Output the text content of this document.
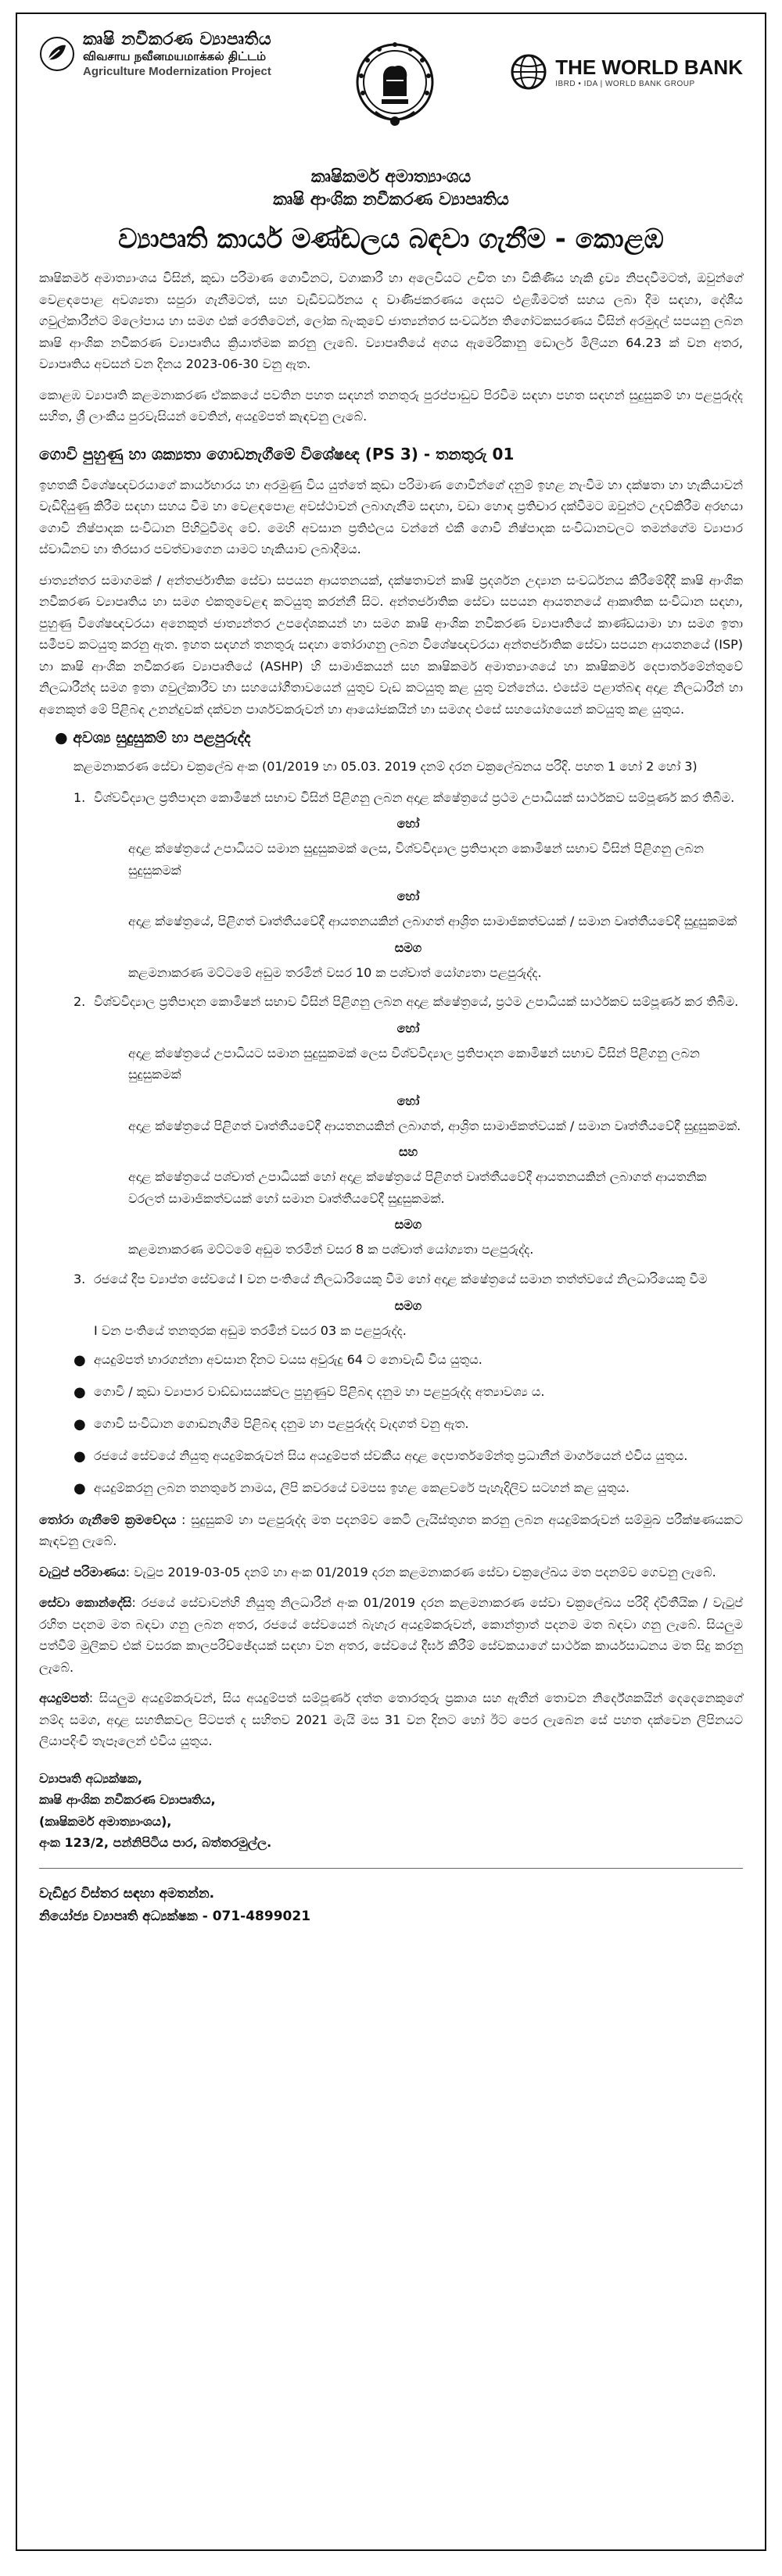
කෘෂි නවීකරණ ව්‍යාපෘතිය
விவசாய நவீனமயமாக்கல் திட்டம்
Agriculture Modernization Project	THE WORLD BANK
IBRD • IDA | WORLD BANK GROUP
කෘෂිකර්ම අමාත්‍යාංශය
කෘෂි ආංශික නවීකරණ ව්‍යාපෘතිය
ව්‍යාපෘති කාර්ය මණ්ඩලය බඳවා ගැනීම - කොළඹ

කෘෂිකර්ම අමාත්‍යාංශය විසින්, කුඩා පරිමාණ ගොවීනට, වගාකාරී හා අලෙවියට උචිත හා විකිණිය හැකි ද්‍රව්‍ය නිපදවීමටත්, ඔවුන්ගේ වෙළඳපොළ අවශ්‍යතා සපුරා ගැනීමටත්, සහ වැඩිවර්ධනය ද වාණිජකරණය දෙසට එළඹීමටත් සහය ලබා දීම සඳහා, දේශීය ගවුල්කාරීන්ට ම්ලෝපාය හා සමග එක් රෙතිටෙන්, ලෝක බැංකුවේ ජාත්‍යන්තර සංවර්ධන තිගෝටකසරණය විසින් අරමුදල් සපයනු ලබන කෘෂි ආංශික නවීකරණ ව්‍යාපෘතිය ක්‍රියාත්මක කරනු ලැබේ. ව්‍යාපෘතියේ අගය ඇමෙරිකානු ඩොලර් මිලියන 64.23 ක් වන අතර, ව්‍යාපෘතිය අවසන් වන දිනය 2023-06-30 වනු ඇත.

කොළඹ ව්‍යාපෘති කළමනාකරණ ඒකකයේ පවතින පහත සඳහන් තනතුරු පුරප්පාඩුව පිරවීම සඳහා පහත සඳහන් සුදුසුකම් හා පළපුරුද්ද සහිත, ශ්‍රී ලාංකීය පුරවැසියන් වෙතින්, අයදුම්පත් කැඳවනු ලැබේ.

ගොවි පුහුණු හා ශක්‍යතා ගොඩනැගීමේ විශේෂඥ (PS 3) - තනතුරු 01

ඉහතකී විශේෂඥවරයාගේ කාර්යභාරය හා අරමුණු විය යුත්තේ කුඩා පරිමාණ ගොවීන්ගේ දනුම් ඉහළ නැංවීම හා දක්ෂතා හා හැකියාවන් වැඩිදියුණු කිරීම සඳහා සහය වීම හා වෙළඳපොළ අවස්ථාවන් ලබාගැනීම සඳහා, වඩා හොඳ ප්‍රතිචාර දක්වීමට ඔවුන්ට උදව්කිරීම අරභයා ගොවි නිෂ්පාදක සංවිධාන පිහිටුවීමද වේ. මෙහි අවසාන ප්‍රතිඵලය වන්නේ එකී ගොවි නිෂ්පාදක සංවිධානවලට තමන්ගේම ව්‍යාපාර ස්වාධීනව හා තිරසාර පවත්වාගෙන යාමට හැකියාව ලබාදීමය.

ජාත්‍යන්තර සමාගමක් / අන්තර්ජාතික සේවා සපයන ආයතනයක්, දක්ෂතාවන් කෘෂි ප්‍රදර්ශන උද්‍යාන සංවර්ධනය කිරීමේදීදී කෘෂි ආංශික නවීකරණ ව්‍යාපෘතිය හා සමග එකතුවෙළඳ කටයුතු කරන්නී සිට. අන්තර්ජාතික සේවා සපයන ආයතනයේ ආකෘතික සංවිධාන සඳහා, පුහුණු විශේෂඥවරයා අනෙකුත් ජාත්‍යන්තර උපදේශකයන් හා සමග කෘෂි ආංශික නවීකරණ ව්‍යාපෘතියේ කාණ්ඩයාමා හා සමග ඉතා සමීපව කටයුතු කරනු ඇත. ඉහත සඳහන් තනතුරු සඳහා තෝරාගනු ලබන විශේෂඥවරයා අන්තර්ජාතික සේවා සපයන ආයතනයේ (ISP) හා කෘෂි ආංශික නවීකරණ ව්‍යාපෘතියේ (ASHP) හි සාමාජිකයන් සහ කෘෂිකර්ම අමාත්‍යාංශයේ හා කෘෂිකර්ම දෙපාර්තමේන්තුවේ නිලධාරීන්ද සමග ඉතා ගවුල්කාරීව හා සහයෝගීතාවයෙන් යුතුව වැඩ කටයුතු කළ යුතු වන්නේය. එසේම පළාත්බඳ අදාළ නිලධාරීන් හා අනෙකුත් මේ පිළිබඳ උනන්දුවක් දක්වන පාර්ශවකරුවන් හා ආයෝජකයින් හා සමගද එසේ සහයෝගයෙන් කටයුතු කළ යුතුය.

● අවශ්‍ය සුදුසුකම් හා පළපුරුද්ද

කළමනාකරණ සේවා චක්‍රලේඛ අංක (01/2019 හා 05.03. 2019 දනම් දරන චක්‍රලේඛනය පරිදි. පහත 1 හෝ 2 හෝ 3)

1. විශ්වවිද්‍යාල ප්‍රතිපාදන කොමිෂන් සභාව විසින් පිළිගනු ලබන අදාළ ක්ෂේත්‍රයේ ප්‍රථම උපාධියක් සාර්ථකව සම්පූර්ණ කර තිබීම.
හෝ
අදාළ ක්ෂේත්‍රයේ උපාධියට සමාන සුදුසුකමක් ලෙස, විශ්වවිද්‍යාල ප්‍රතිපාදන කොමිෂන් සභාව විසින් පිළිගනු ලබන සුදුසුකමක්
හෝ
අදාළ ක්ෂේත්‍රයේ, පිළිගත් වෘත්තීයවේදී ආයතනයකින් ලබාගත් ආශ්‍රිත සාමාජිකත්වයක් / සමාන වෘත්තීයවේදී සුදුසුකමක්
සමග
කළමනාකරණ මට්ටමේ අඩුම තරමින් වසර 10 ක පශ්චාත් යෝග්‍යතා පළපුරුද්ද.
2. විශ්වවිද්‍යාල ප්‍රතිපාදන කොමිෂන් සභාව විසින් පිළිගනු ලබන අදාළ ක්ෂේත්‍රයේ, ප්‍රථම උපාධියක් සාර්ථකව සම්පූර්ණ කර තිබීම.
හෝ
අදාළ ක්ෂේත්‍රයේ උපාධියට සමාන සුදුසුකමක් ලෙස විශ්වවිද්‍යාල ප්‍රතිපාදන කොමිෂන් සභාව විසින් පිළිගනු ලබන සුදුසුකමක්
හෝ
අදාළ ක්ෂේත්‍රයේ පිළිගත් වෘත්තීයවේදී ආයතනයකින් ලබාගත්, ආශ්‍රිත සාමාජිකත්වයක් / සමාන වෘත්තීයවේදී සුදුසුකමක්.
සහ
අදාළ ක්ෂේත්‍රයේ පශ්චාත් උපාධියක් හෝ අදාළ ක්ෂේත්‍රයේ පිළිගත් වෘත්තීයවේදී ආයතනයකින් ලබාගත් ආයතනික වරලත් සාමාජිකත්වයක් හෝ සමාන වෘත්තීයවේදී සුදුසුකමක්.
සමග
කළමනාකරණ මට්ටමේ අඩුම තරමින් වසර 8 ක පශ්චාත් යෝග්‍යතා පළපුරුද්ද.
3. රජයේ දීප ව්‍යාප්ත සේවයේ I වන පංතියේ නිලධාරියෙකු වීම හෝ අදාළ ක්ෂේත්‍රයේ සමාන තත්ත්වයේ නිලධාරියෙකු වීම
සමග
I වන පංතියේ තනතුරක අඩුම තරමින් වසර 03 ක පළපුරුද්ද.
● අයදුම්පත් භාරගන්නා අවසාන දිනට වයස අවුරුදු 64 ට නොවැඩි විය යුතුය.
● ගොවි / කුඩා ව්‍යාපාර වාඩ්ඩාසයක්වල පුහුණුව පිළිබඳ දනුම හා පළපුරුද්ද අත්‍යාවශ්‍ය ය.
● ගොවි සංවිධාන ගොඩනැගීම පිළිබඳ දනුම හා පළපුරුද්ද වැදගත් වනු ඇත.
● රජයේ සේවයේ නියුතු අයදුම්කරුවන් සිය අයදුම්පත් ස්වකීය අදාළ දෙපාර්තමේන්තු ප්‍රධානීන් මාර්ගයෙන් එවිය යුතුය.
● අයදුම්කරනු ලබන තනතුරේ නාමය, ලිපි කවරයේ වමපස ඉහළ කෙළවරේ පැහැදිලිව සටහන් කළ යුතුය.

තෝරා ගැනීමේ ක්‍රමවේදය : සුදුසුකම් හා පළපුරුද්ද මත පදනම්ව කෙටි ලැයිස්තුගත කරනු ලබන අයදුම්කරුවන් සම්මුඛ පරීක්ෂණයකට කැඳවනු ලැබේ.

වැටුප් පරිමාණය: වැටුප 2019-03-05 දනම් හා අංක 01/2019 දරන කළමනාකරණ සේවා චක්‍රලේඛය මත පදනම්ව ගෙවනු ලැබේ.

සේවා කොන්දේසි: රජයේ සේවාවන්හි නියුතු නිලධාරීන් අංක 01/2019 දරන කළමනාකරණ සේවා චක්‍රලේඛය පරිදි ද්විතීයික / වැටුප් රහිත පදනම මත බඳවා ගනු ලබන අතර, රජයේ සේවයෙන් බැහැර අයදුම්කරුවන්, කොන්ත්‍රාත් පදනම මත බඳවා ගනු ලැබේ. සියලුම පත්වීම් මුලිකව එක් වසරක කාලපරිච්ඡේදයක් සඳහා වන අතර, සේවයේ දීර්ඝ කිරීම් සේවකයාගේ සාර්ථක කාර්යසාධනය මත සිදු කරනු ලැබේ.

අයදුම්පත්: සියලුම අයදුම්කරුවන්, සිය අයදුම්පත් සම්පූර්ණ දත්ත තොරතුරු ප්‍රකාශ සහ ඇතීන් තොවන නිර්දේශකයින් දෙදෙනෙකුගේ නම්ද සමග, අදාළ සහතිකවල පිටපත් ද සහිතව 2021 මැයි මස 31 වන දිනට හෝ ඊට පෙර ලැබෙන සේ පහත දක්වෙන ලිපිනයට ලියාපදිංචි තැපෑලෙන් එවිය යුතුය.

ව්‍යාපෘති අධ්‍යක්ෂක,
කෘෂි ආංශික නවීකරණ ව්‍යාපෘතිය,
(කෘෂිකර්ම අමාත්‍යාංශය),
අංක 123/2, පන්නිපිටිය පාර, බත්තරමුල්ල.
වැඩිදුර විස්තර සඳහා අමතන්න.
නියෝජ්‍ය ව්‍යාපෘති අධ්‍යක්ෂක - 071-4899021
